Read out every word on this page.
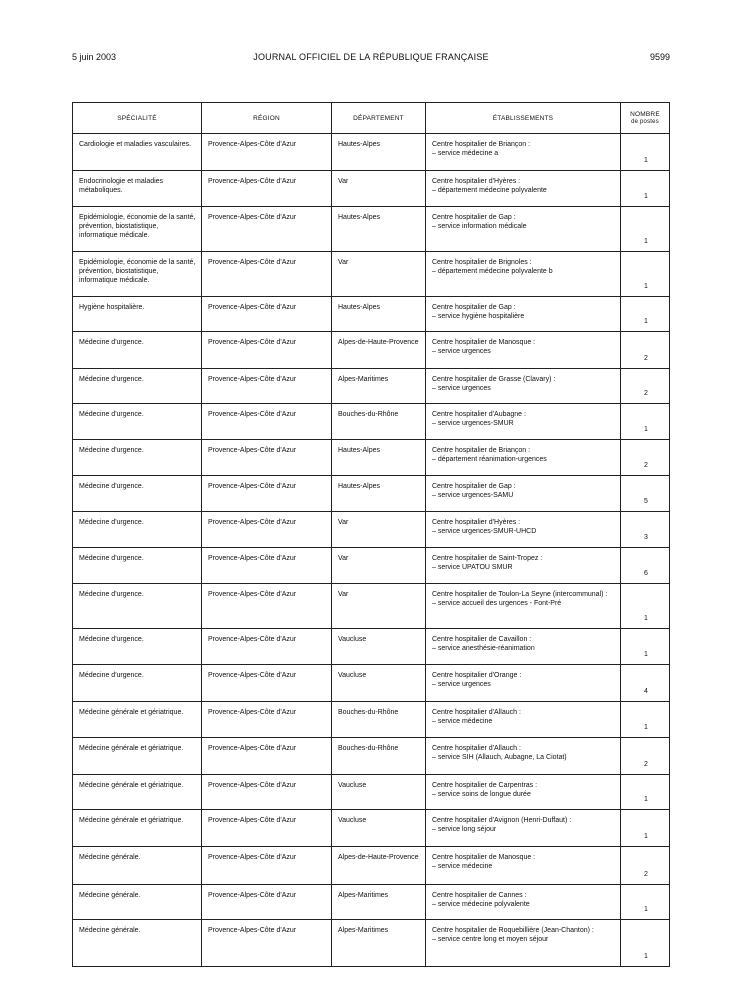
5 juin 2003	JOURNAL OFFICIEL DE LA RÉPUBLIQUE FRANÇAISE	9599
SPÉCIALITÉ	RÉGION	DÉPARTEMENT	ÉTABLISSEMENTS	NOMBRE
de postes

Cardiologie et maladies vasculaires.	Provence-Alpes-Côte d'Azur	Hautes-Alpes	Centre hospitalier de Briançon :
– service médecine a	1
Endocrinologie et maladies métaboliques.	Provence-Alpes-Côte d'Azur	Var	Centre hospitalier d'Hyères :
– département médecine polyvalente	1
Epidémiologie, économie de la santé, prévention, biostatistique, informatique médicale.	Provence-Alpes-Côte d'Azur	Hautes-Alpes	Centre hospitalier de Gap :
– service information médicale	1
Epidémiologie, économie de la santé, prévention, biostatistique, informatique médicale.	Provence-Alpes-Côte d'Azur	Var	Centre hospitalier de Brignoles :
– département médecine polyvalente b	1
Hygiène hospitalière.	Provence-Alpes-Côte d'Azur	Hautes-Alpes	Centre hospitalier de Gap :
– service hygiène hospitalière	1
Médecine d'urgence.	Provence-Alpes-Côte d'Azur	Alpes-de-Haute-Provence	Centre hospitalier de Manosque :
– service urgences	2
Médecine d'urgence.	Provence-Alpes-Côte d'Azur	Alpes-Maritimes	Centre hospitalier de Grasse (Clavary) :
– service urgences	2
Médecine d'urgence.	Provence-Alpes-Côte d'Azur	Bouches-du-Rhône	Centre hospitalier d'Aubagne :
– service urgences-SMUR	1
Médecine d'urgence.	Provence-Alpes-Côte d'Azur	Hautes-Alpes	Centre hospitalier de Briançon :
– département réanimation-urgences	2
Médecine d'urgence.	Provence-Alpes-Côte d'Azur	Hautes-Alpes	Centre hospitalier de Gap :
– service urgences-SAMU	5
Médecine d'urgence.	Provence-Alpes-Côte d'Azur	Var	Centre hospitalier d'Hyères :
– service urgences-SMUR-UHCD	3
Médecine d'urgence.	Provence-Alpes-Côte d'Azur	Var	Centre hospitalier de Saint-Tropez :
– service UPATOU SMUR	6
Médecine d'urgence.	Provence-Alpes-Côte d'Azur	Var	Centre hospitalier de Toulon-La Seyne (intercommunal) :
– service accueil des urgences - Font-Pré	1
Médecine d'urgence.	Provence-Alpes-Côte d'Azur	Vaucluse	Centre hospitalier de Cavaillon :
– service anesthésie-réanimation	1
Médecine d'urgence.	Provence-Alpes-Côte d'Azur	Vaucluse	Centre hospitalier d'Orange :
– service urgences	4
Médecine générale et gériatrique.	Provence-Alpes-Côte d'Azur	Bouches-du-Rhône	Centre hospitalier d'Allauch :
– service médecine	1
Médecine générale et gériatrique.	Provence-Alpes-Côte d'Azur	Bouches-du-Rhône	Centre hospitalier d'Allauch :
– service SIH (Allauch, Aubagne, La Ciotat)	2
Médecine générale et gériatrique.	Provence-Alpes-Côte d'Azur	Vaucluse	Centre hospitalier de Carpentras :
– service soins de longue durée	1
Médecine générale et gériatrique.	Provence-Alpes-Côte d'Azur	Vaucluse	Centre hospitalier d'Avignon (Henri-Duffaut) :
– service long séjour	1
Médecine générale.	Provence-Alpes-Côte d'Azur	Alpes-de-Haute-Provence	Centre hospitalier de Manosque :
– service médecine	2
Médecine générale.	Provence-Alpes-Côte d'Azur	Alpes-Maritimes	Centre hospitalier de Cannes :
– service médecine polyvalente	1
Médecine générale.	Provence-Alpes-Côte d'Azur	Alpes-Maritimes	Centre hospitalier de Roquebillière (Jean-Chanton) :
– service centre long et moyen séjour	1
